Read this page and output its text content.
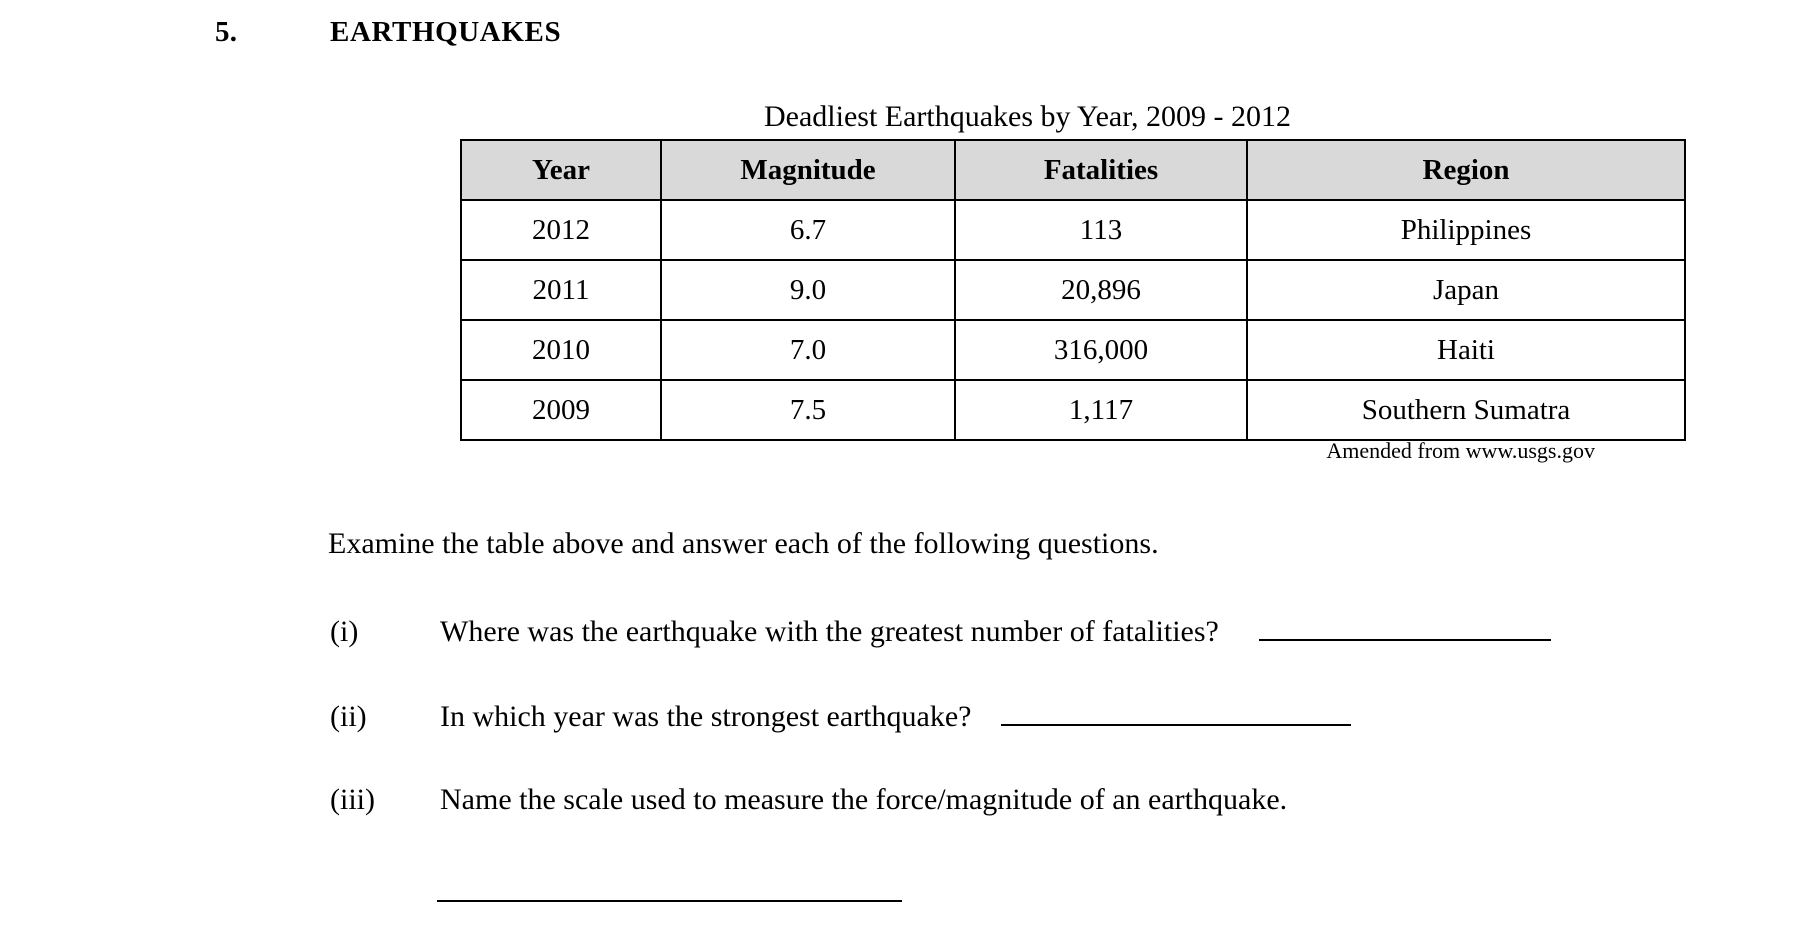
5.	EARTHQUAKES
Deadliest Earthquakes by Year, 2009 - 2012
Year	Magnitude	Fatalities	Region
2012	6.7	113	Philippines
2011	9.0	20,896	Japan
2010	7.0	316,000	Haiti
2009	7.5	1,117	Southern Sumatra
Amended from www.usgs.gov
Examine the table above and answer each of the following questions.
(i)	Where was the earthquake with the greatest number of fatalities?
(ii)	In which year was the strongest earthquake?
(iii)	Name the scale used to measure the force/magnitude of an earthquake.
